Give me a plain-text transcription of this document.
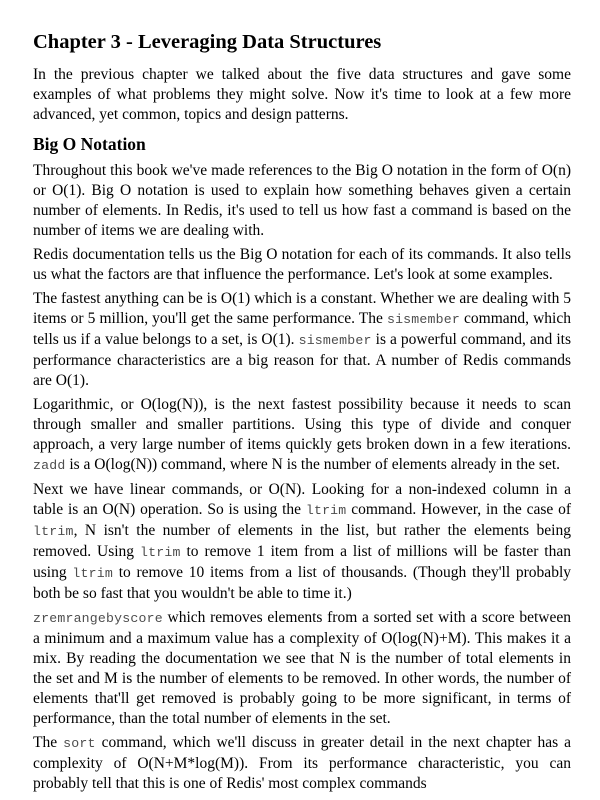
Chapter 3 - Leveraging Data Structures

In the previous chapter we talked about the five data structures and gave some examples of what problems they might solve. Now it's time to look at a few more advanced, yet common, topics and design patterns.

Big O Notation

Throughout this book we've made references to the Big O notation in the form of O(n) or O(1). Big O notation is used to explain how something behaves given a certain number of elements. In Redis, it's used to tell us how fast a command is based on the number of items we are dealing with.

Redis documentation tells us the Big O notation for each of its commands. It also tells us what the factors are that influence the performance. Let's look at some examples.

The fastest anything can be is O(1) which is a constant. Whether we are dealing with 5 items or 5 million, you'll get the same performance. The sismember command, which tells us if a value belongs to a set, is O(1). sismember is a powerful command, and its performance characteristics are a big reason for that. A number of Redis commands are O(1).

Logarithmic, or O(log(N)), is the next fastest possibility because it needs to scan through smaller and smaller partitions. Using this type of divide and conquer approach, a very large number of items quickly gets broken down in a few iterations. zadd is a O(log(N)) command, where N is the number of elements already in the set.

Next we have linear commands, or O(N). Looking for a non-indexed column in a table is an O(N) operation. So is using the ltrim command. However, in the case of ltrim, N isn't the number of elements in the list, but rather the elements being removed. Using ltrim to remove 1 item from a list of millions will be faster than using ltrim to remove 10 items from a list of thousands. (Though they'll probably both be so fast that you wouldn't be able to time it.)

zremrangebyscore which removes elements from a sorted set with a score between a minimum and a maximum value has a complexity of O(log(N)+M). This makes it a mix. By reading the documentation we see that N is the number of total elements in the set and M is the number of elements to be removed. In other words, the number of elements that'll get removed is probably going to be more significant, in terms of performance, than the total number of elements in the set.

The sort command, which we'll discuss in greater detail in the next chapter has a complexity of O(N+M*log(M)). From its performance characteristic, you can probably tell that this is one of Redis' most complex commands
